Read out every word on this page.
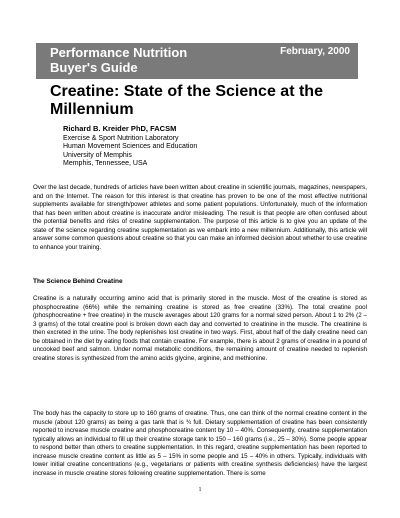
Performance Nutrition
Buyer's Guide
February, 2000
Creatine: State of the Science at the
Millennium
Richard B. Kreider PhD, FACSM
Exercise & Sport Nutrition Laboratory
Human Movement Sciences and Education
University of Memphis
Memphis, Tennessee, USA

Over the last decade, hundreds of articles have been written about creatine in scientific journals, magazines, newspapers, and on the Internet. The reason for this interest is that creatine has proven to be one of the most effective nutritional supplements available for strength/power athletes and some patient populations. Unfortunately, much of the information that has been written about creatine is inaccurate and/or misleading. The result is that people are often confused about the potential benefits and risks of creatine supplementation. The purpose of this article is to give you an update of the state of the science regarding creatine supplementation as we embark into a new millennium. Additionally, this article will answer some common questions about creatine so that you can make an informed decision about whether to use creatine to enhance your training.

The Science Behind Creatine

Creatine is a naturally occurring amino acid that is primarily stored in the muscle. Most of the creatine is stored as phosphocreatine (66%) while the remaining creatine is stored as free creatine (33%). The total creatine pool (phosphocreatine + free creatine) in the muscle averages about 120 grams for a normal sized person. About 1 to 2% (2 – 3 grams) of the total creatine pool is broken down each day and converted to creatinine in the muscle. The creatinine is then excreted in the urine. The body replenishes lost creatine in two ways. First, about half of the daily creatine need can be obtained in the diet by eating foods that contain creatine. For example, there is about 2 grams of creatine in a pound of uncooked beef and salmon. Under normal metabolic conditions, the remaining amount of creatine needed to replenish creatine stores is synthesized from the amino acids glycine, arginine, and methionine.

The body has the capacity to store up to 160 grams of creatine. Thus, one can think of the normal creatine content in the muscle (about 120 grams) as being a gas tank that is ¾ full. Dietary supplementation of creatine has been consistently reported to increase muscle creatine and phosphocreatine content by 10 – 40%. Consequently, creatine supplementation typically allows an individual to fill up their creatine storage tank to 150 – 160 grams (i.e., 25 – 30%). Some people appear to respond better than others to creatine supplementation. In this regard, creatine supplementation has been reported to increase muscle creatine content as little as 5 – 15% in some people and 15 – 40% in others. Typically, individuals with lower initial creatine concentrations (e.g., vegetarians or patients with creatine synthesis deficiencies) have the largest increase in muscle creatine stores following creatine supplementation. There is some

1
